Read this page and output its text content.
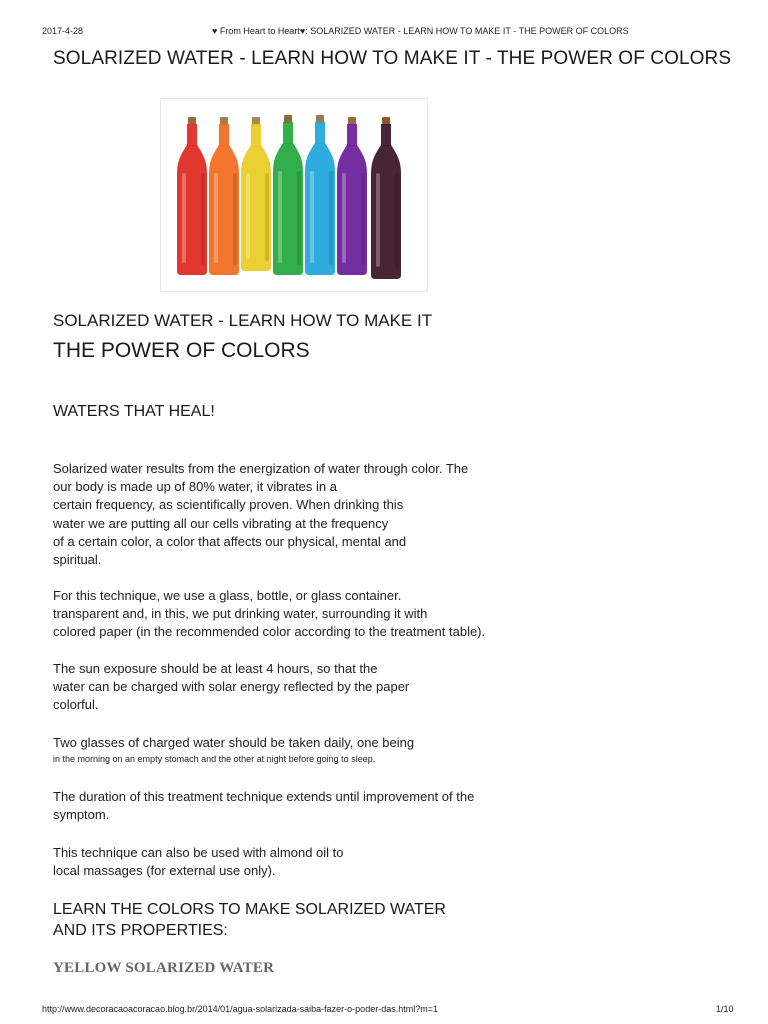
2017-4-28	♥ From Heart to Heart♥: SOLARIZED WATER - LEARN HOW TO MAKE IT - THE POWER OF COLORS
SOLARIZED WATER - LEARN HOW TO MAKE IT - THE POWER OF COLORS
SOLARIZED WATER - LEARN HOW TO MAKE IT
THE POWER OF COLORS
WATERS THAT HEAL!
Solarized water results from the energization of water through color. The
our body is made up of 80% water, it vibrates in a
certain frequency, as scientifically proven. When drinking this
water we are putting all our cells vibrating at the frequency
of a certain color, a color that affects our physical, mental and
spiritual.
For this technique, we use a glass, bottle, or glass container.
transparent and, in this, we put drinking water, surrounding it with
colored paper (in the recommended color according to the treatment table).
The sun exposure should be at least 4 hours, so that the
water can be charged with solar energy reflected by the paper
colorful.
Two glasses of charged water should be taken daily, one being
in the morning on an empty stomach and the other at night before going to sleep.
The duration of this treatment technique extends until improvement of the
symptom.
This technique can also be used with almond oil to
local massages (for external use only).
LEARN THE COLORS TO MAKE SOLARIZED WATER
AND ITS PROPERTIES:
YELLOW SOLARIZED WATER
http://www.decoracaoacoracao.blog.br/2014/01/agua-solarizada-saiba-fazer-o-poder-das.html?m=1	1/10
